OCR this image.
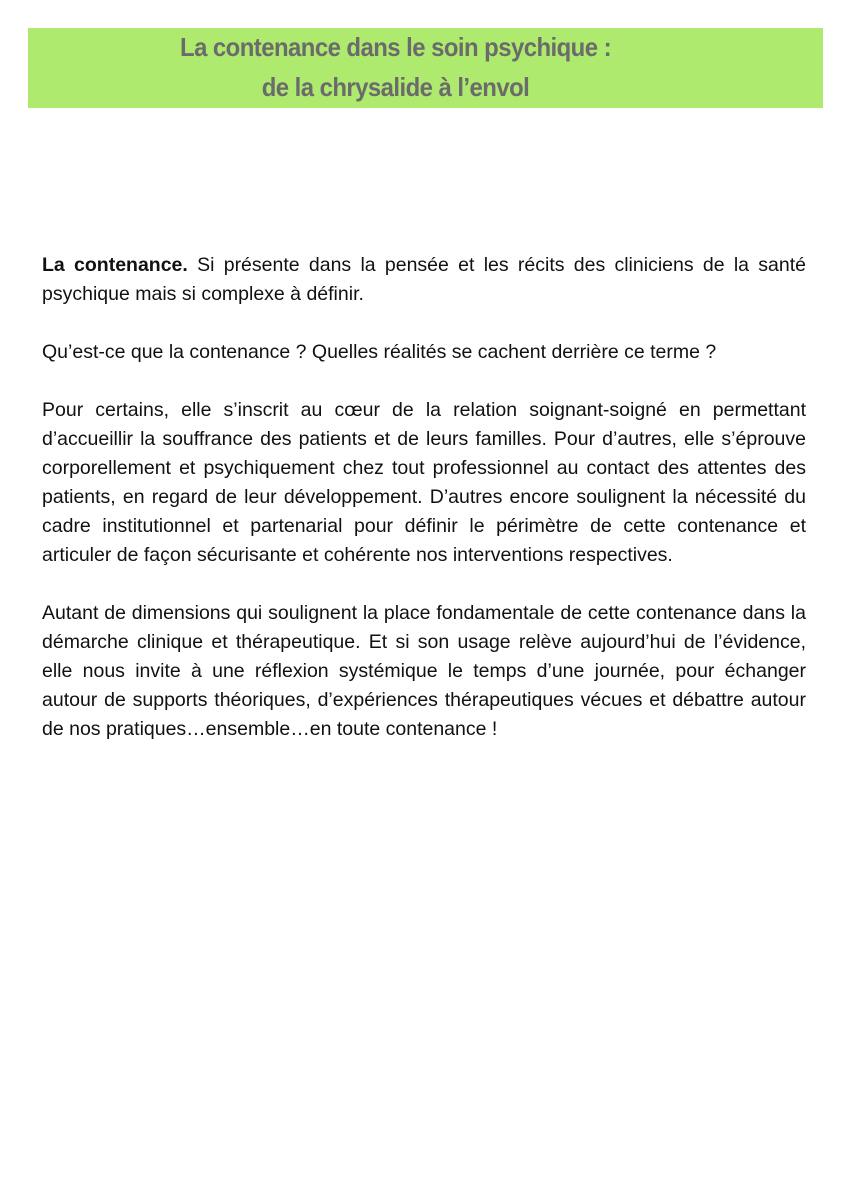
La contenance dans le soin psychique :
de la chrysalide à l’envol

La contenance. Si présente dans la pensée et les récits des cliniciens de la santé psychique mais si complexe à définir.

Qu’est-ce que la contenance ? Quelles réalités se cachent derrière ce terme ?

Pour certains, elle s’inscrit au cœur de la relation soignant-soigné en permettant d’accueillir la souffrance des patients et de leurs familles. Pour d’autres, elle s’éprouve corporellement et psychiquement chez tout professionnel au contact des attentes des patients, en regard de leur développement. D’autres encore soulignent la nécessité du cadre institutionnel et partenarial pour définir le périmètre de cette contenance et articuler de façon sécurisante et cohérente nos interventions respectives.

Autant de dimensions qui soulignent la place fondamentale de cette contenance dans la démarche clinique et thérapeutique. Et si son usage relève aujourd’hui de l’évidence, elle nous invite à une réflexion systémique le temps d’une journée, pour échanger autour de supports théoriques, d’expériences thérapeutiques vécues et débattre autour de nos pratiques…ensemble…en toute contenance !
